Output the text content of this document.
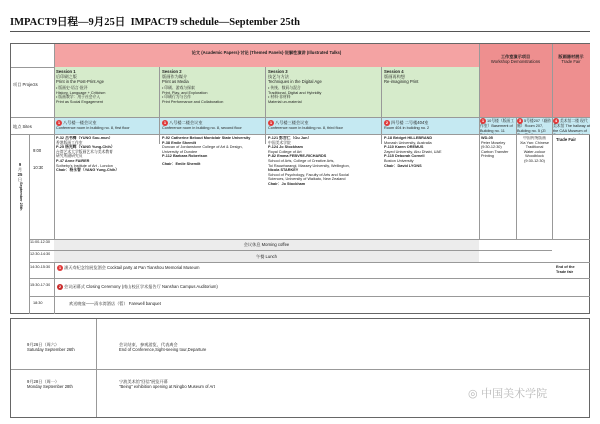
IMPACT9日程—9月25日 IMPACT9 schedule—September 25th
论文 (Academic Papers)·讨论 (Themed Panels)·说解性演讲 (Illustrated Talks)
工作室演示项目
Workshop Demonstrations
版画器材展示
Trade Fair
项目 Projects
Session 1
后印刷之版
Print in the Post-Print Age
• 版画史·语言·批评
History, Language + Criticism
• 版画教学：用于社会介入
Print as Social Engagement
Session 2
版画作为媒介
Print as Media
• 印刷、游戏与探索
Print, Play, and Exploration
• 印刷行为与合作
Print Performance and Collaboration
Session 3
技艺与方法
Techniques in the Digital Age
• 传统、数码与混合
Traditional, Digital and Hybridity
• 材料·非材料
Material un-material
Session 4
版画再构想
Re-imagining Print
地点 Sites
1 八号楼一楼会议室
Conference room in building no. 8, first floor
1 八号楼二楼会议室
Conference room in building no. 8, second floor
1 八号楼三楼会议室
Conference room in building no. 8, third floor
2 四号楼 二号楼404室
Room 404 in building no. 2
1 10号楼（版画工作室）Basement of Building no. 11
3 5号楼207（翻作廊）Room 207, Building no. 5 (Zi
4 美术馆二楼 现代美术馆 The hallway at the CAA Museum of
9
月
25
日
September 25th
9:00
10:30
11:00-12:30
12:30-14:30
14:30-15:30
15:30-17:30
18:30
P-32 吕书梅（YUNG Sou-mun）
香港版画工作室
P-25 杨光辉（YANG Yung-Chih）
台湾艺术大学版画艺术与美术教育
研究所副研究员
P-47 Anne FAIRER
Sotheby's Institute of Art - London
Chair：杨永智（YANG Yung-Chih）
P-92 Catherine Bebout Montclair State University
P-38 Emile Shemilt
Duncan of Jordanstone College of Art & Design,
University of Dundee
P-112 Barbara Robertson
Chair：Emile Shemilt
P-121 彭吉仁（Ou Jun）
中国美术学院
P-124 Jo Stockham
Royal College of Art
P-82 Emma FEBVRE-RICHARDS
School of Arts, College of Creative Arts,
Toi Rauwharangi, Massey University, Wellington,
Nicola STARKEY
School of Psychology, Faculty of Arts and Social
Sciences, University of Waikato, New Zealand
Chair：Jo Stockham
P-18 Bridget HILLEBRAND
Monash University, Australia
P-110 Karen OREMUS
Zayed University, Abu Dhabi, UAE
P-115 Deborah Cornell
Boston University
Chair：David LYONS
WD-05
Peter Moseley
(9:30-12:30)
Carbon Transfer
Printing
中国传统版画
Xia Yan: Chinese
Traditional
Water-colour
Woodblock
(9:30-12:30)
Trade Fair
会议休息 Morning coffee
午餐 Lunch
1 潘天寿纪念馆展览酒会 Cocktail party at Pan Tianshou Memorial Museum	End of the
Trade fair
2 会议闭幕式 Closing Ceremony (南山校区学术报告厅 Nanshan Campus Auditorium)
欢送晚宴——清水湾酒店（暂） Farewell banquet
9月26日（周六）
Saturday September 26th
会议结束，参观游览，代表离会
End of Conference,Sight-seeing tour,Departure
9月28日（周一）
Monday September 28th
宁波美术馆“回信”展览开幕
"Being" exhibition opening at Ningbo Museum of Art
◎ 中国美术学院
